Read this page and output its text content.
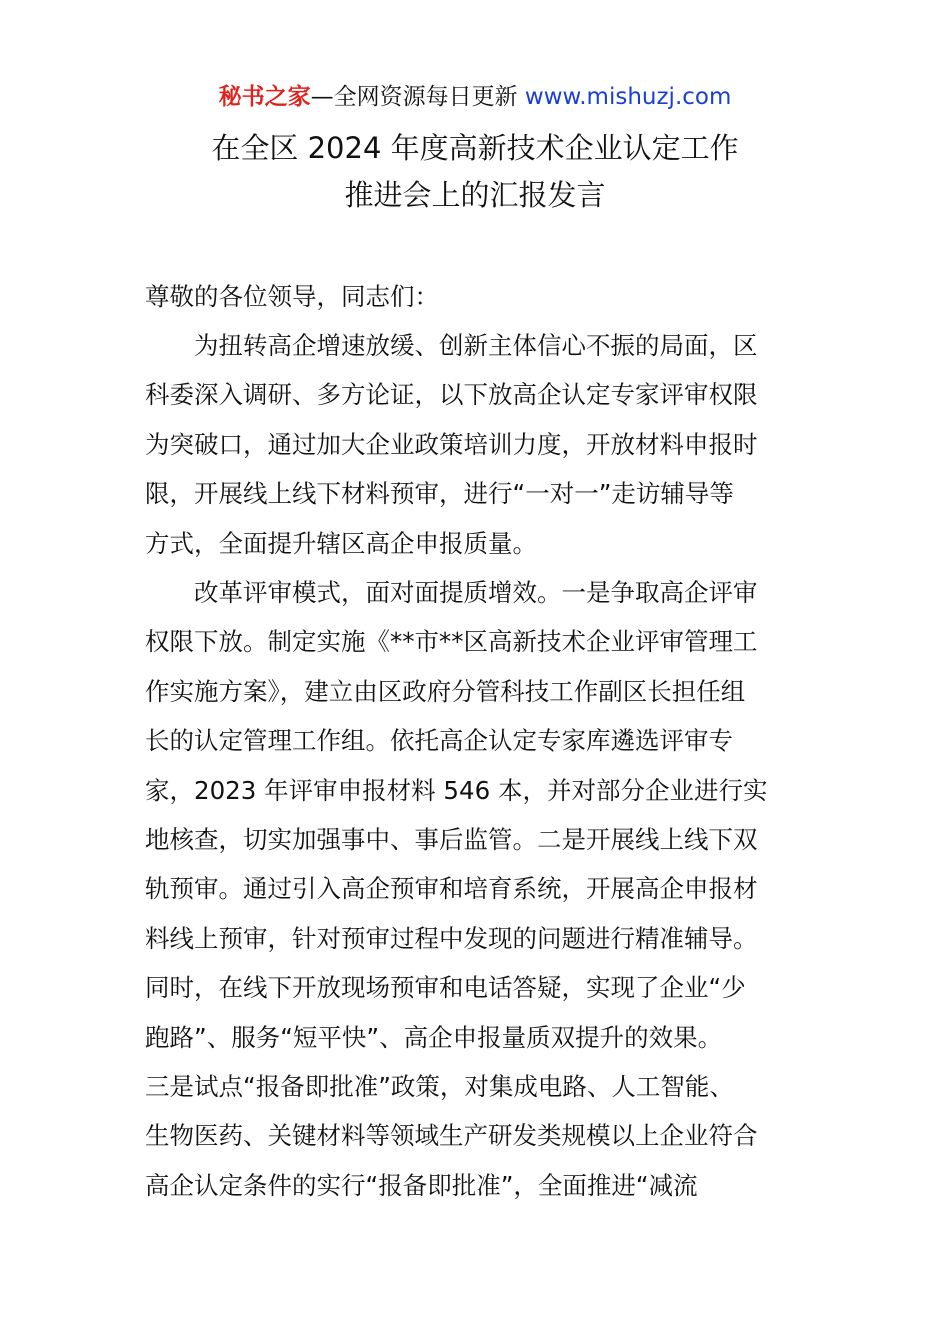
秘书之家—全网资源每日更新 www.mishuzj.com
在全区 2024 年度高新技术企业认定工作
推进会上的汇报发言
尊敬的各位领导，同志们：
　　为扭转高企增速放缓、创新主体信心不振的局面，区
科委深入调研、多方论证，以下放高企认定专家评审权限
为突破口，通过加大企业政策培训力度，开放材料申报时
限，开展线上线下材料预审，进行“一对一”走访辅导等
方式，全面提升辖区高企申报质量。
　　改革评审模式，面对面提质增效。一是争取高企评审
权限下放。制定实施《**市**区高新技术企业评审管理工
作实施方案》，建立由区政府分管科技工作副区长担任组
长的认定管理工作组。依托高企认定专家库遴选评审专
家，2023 年评审申报材料 546 本，并对部分企业进行实
地核查，切实加强事中、事后监管。二是开展线上线下双
轨预审。通过引入高企预审和培育系统，开展高企申报材
料线上预审，针对预审过程中发现的问题进行精准辅导。
同时，在线下开放现场预审和电话答疑，实现了企业“少
跑路”、服务“短平快”、高企申报量质双提升的效果。
三是试点“报备即批准”政策，对集成电路、人工智能、
生物医药、关键材料等领域生产研发类规模以上企业符合
高企认定条件的实行“报备即批准”，全面推进“减流
